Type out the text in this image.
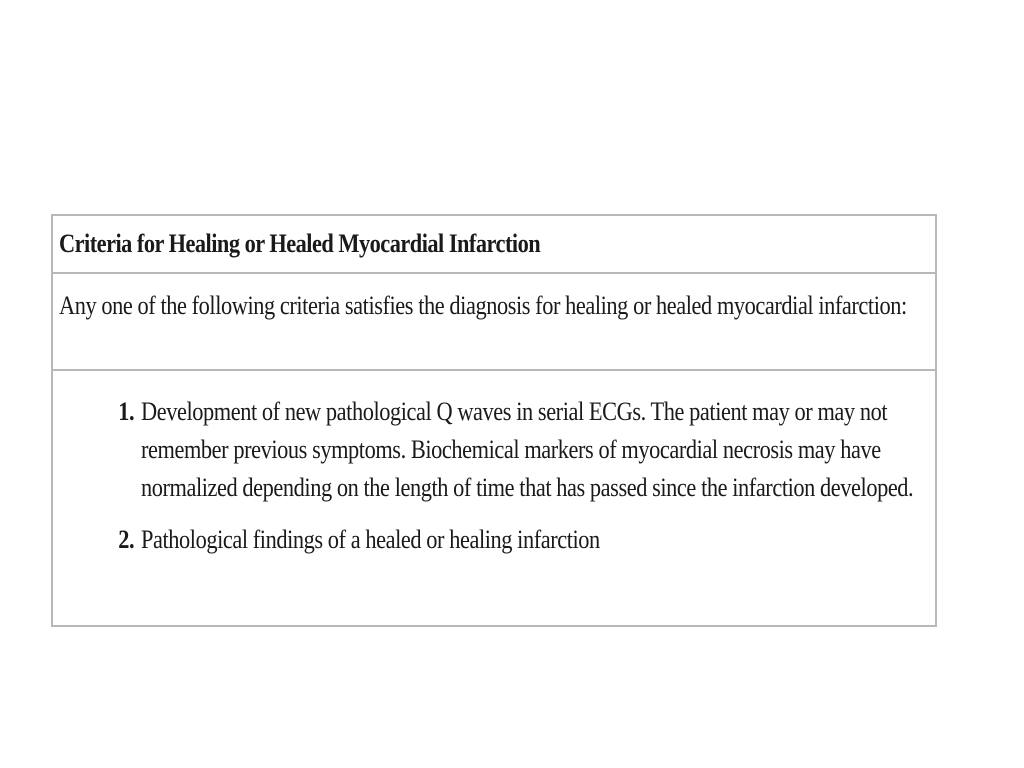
Criteria for Healing or Healed Myocardial Infarction
Any one of the following criteria satisfies the diagnosis for healing or healed myocardial infarction:
1. Development of new pathological Q waves in serial ECGs. The patient may or may not remember previous symptoms. Biochemical markers of myocardial necrosis may have normalized depending on the length of time that has passed since the infarction developed.
2. Pathological findings of a healed or healing infarction
